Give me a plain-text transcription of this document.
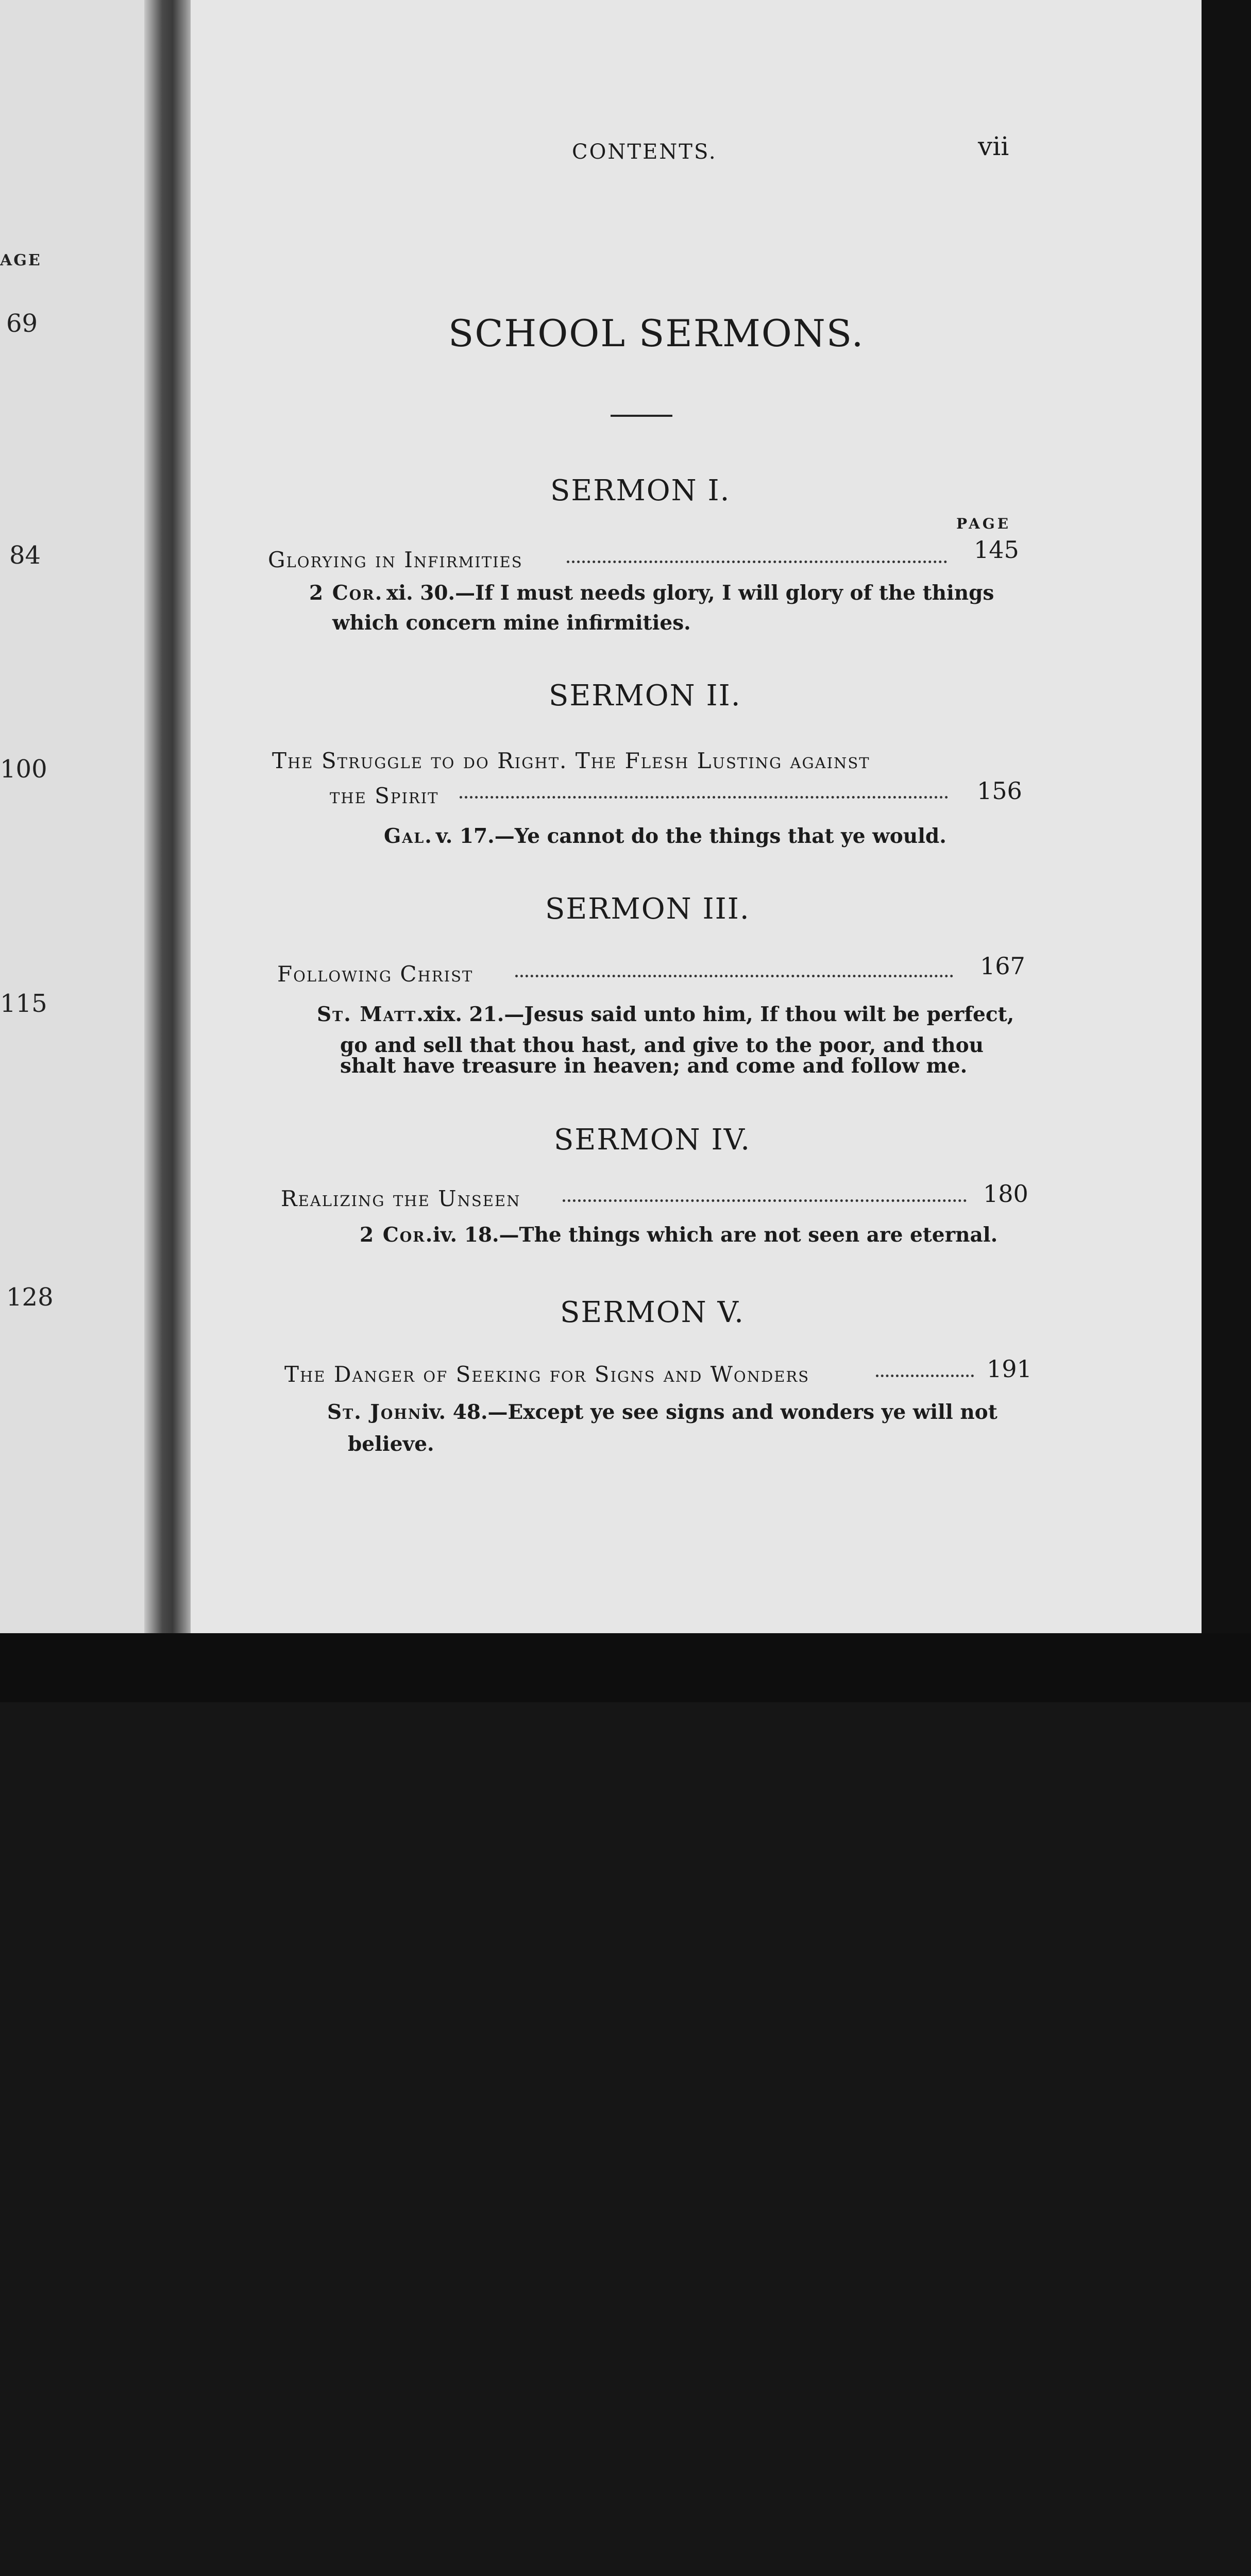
AGE
69
84
100
115
128
CONTENTS.	vii
SCHOOL SERMONS.
SERMON I.
PAGE
Glorying in Infirmities	145
2 Cor. xi. 30.—If I must needs glory, I will glory of the things
which concern mine infirmities.
SERMON II.
The Struggle to do Right. The Flesh Lusting against
the Spirit	156
Gal. v. 17.—Ye cannot do the things that ye would.
SERMON III.
Following Christ	167
St. Matt.
xix. 21.—Jesus said unto him, If thou wilt be perfect,
go and sell that thou hast, and give to the poor, and thou
shalt have treasure in heaven; and come and follow me.
SERMON IV.
Realizing the Unseen	180
2 Cor.
iv. 18.—The things which are not seen are eternal.
SERMON V.
The Danger of Seeking for Signs and Wonders	191
St. John iv. 48.—Except ye see signs and wonders ye will not
believe.
